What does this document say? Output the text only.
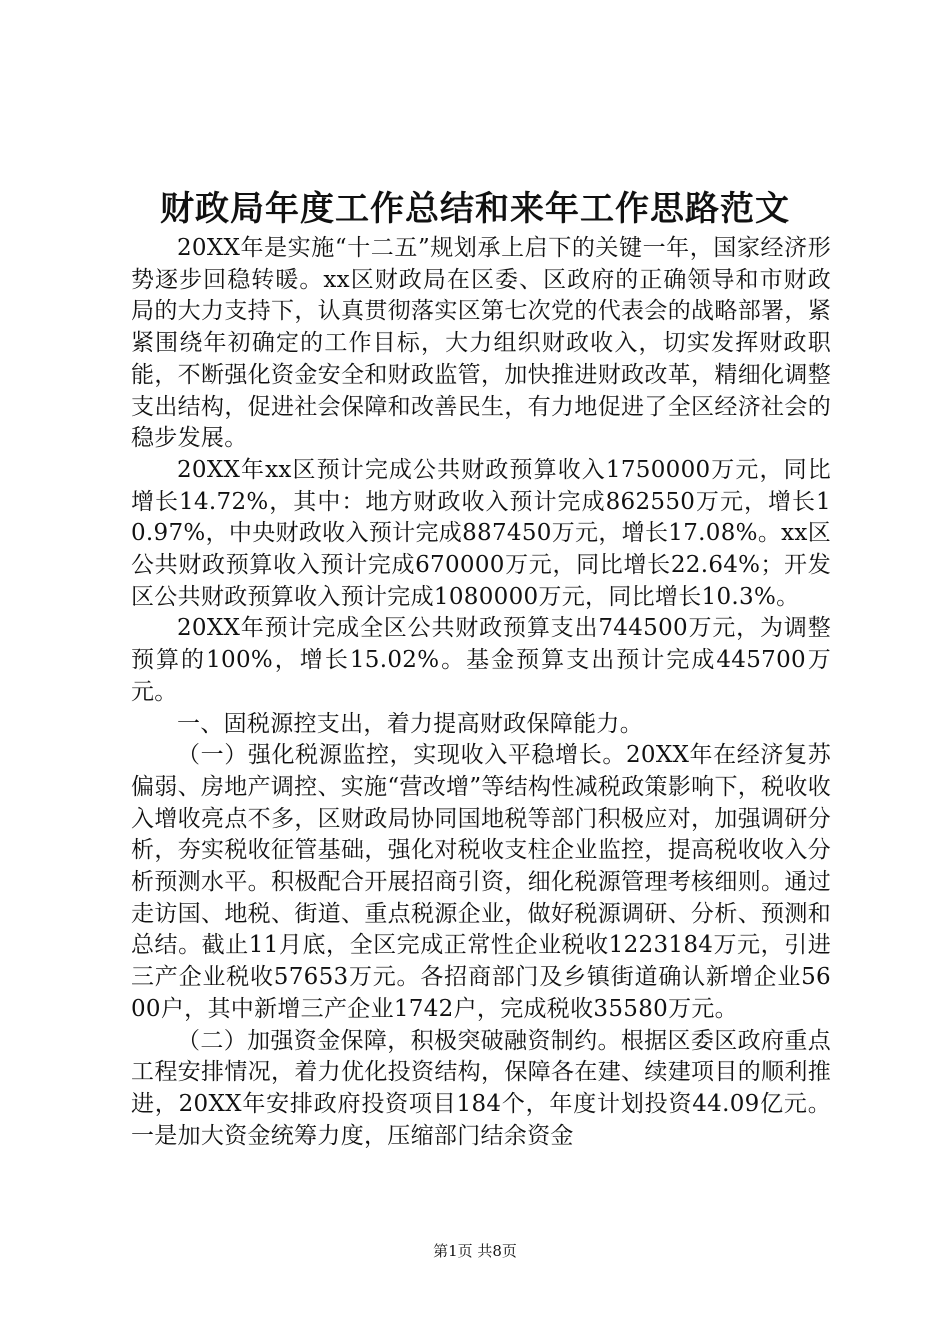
财政局年度工作总结和来年工作思路范文

20XX年是实施“十二五”规划承上启下的关键一年，国家经济形势逐步回稳转暖。xx区财政局在区委、区政府的正确领导和市财政局的大力支持下，认真贯彻落实区第七次党的代表会的战略部署，紧紧围绕年初确定的工作目标，大力组织财政收入，切实发挥财政职能，不断强化资金安全和财政监管，加快推进财政改革，精细化调整支出结构，促进社会保障和改善民生，有力地促进了全区经济社会的稳步发展。

20XX年xx区预计完成公共财政预算收入1750000万元，同比增长14.72%，其中：地方财政收入预计完成862550万元，增长10.97%，中央财政收入预计完成887450万元，增长17.08%。xx区公共财政预算收入预计完成670000万元，同比增长22.64%；开发区公共财政预算收入预计完成1080000万元，同比增长10.3%。

20XX年预计完成全区公共财政预算支出744500万元，为调整预算的100%，增长15.02%。基金预算支出预计完成445700万元。

一、固税源控支出，着力提高财政保障能力。

（一）强化税源监控，实现收入平稳增长。20XX年在经济复苏偏弱、房地产调控、实施“营改增”等结构性减税政策影响下，税收收入增收亮点不多，区财政局协同国地税等部门积极应对，加强调研分析，夯实税收征管基础，强化对税收支柱企业监控，提高税收收入分析预测水平。积极配合开展招商引资，细化税源管理考核细则。通过走访国、地税、街道、重点税源企业，做好税源调研、分析、预测和总结。截止11月底，全区完成正常性企业税收1223184万元，引进三产企业税收57653万元。各招商部门及乡镇街道确认新增企业5600户，其中新增三产企业1742户，完成税收35580万元。

（二）加强资金保障，积极突破融资制约。根据区委区政府重点工程安排情况，着力优化投资结构，保障各在建、续建项目的顺利推进，20XX年安排政府投资项目184个，年度计划投资44.09亿元。一是加大资金统筹力度，压缩部门结余资金

第1页 共8页
